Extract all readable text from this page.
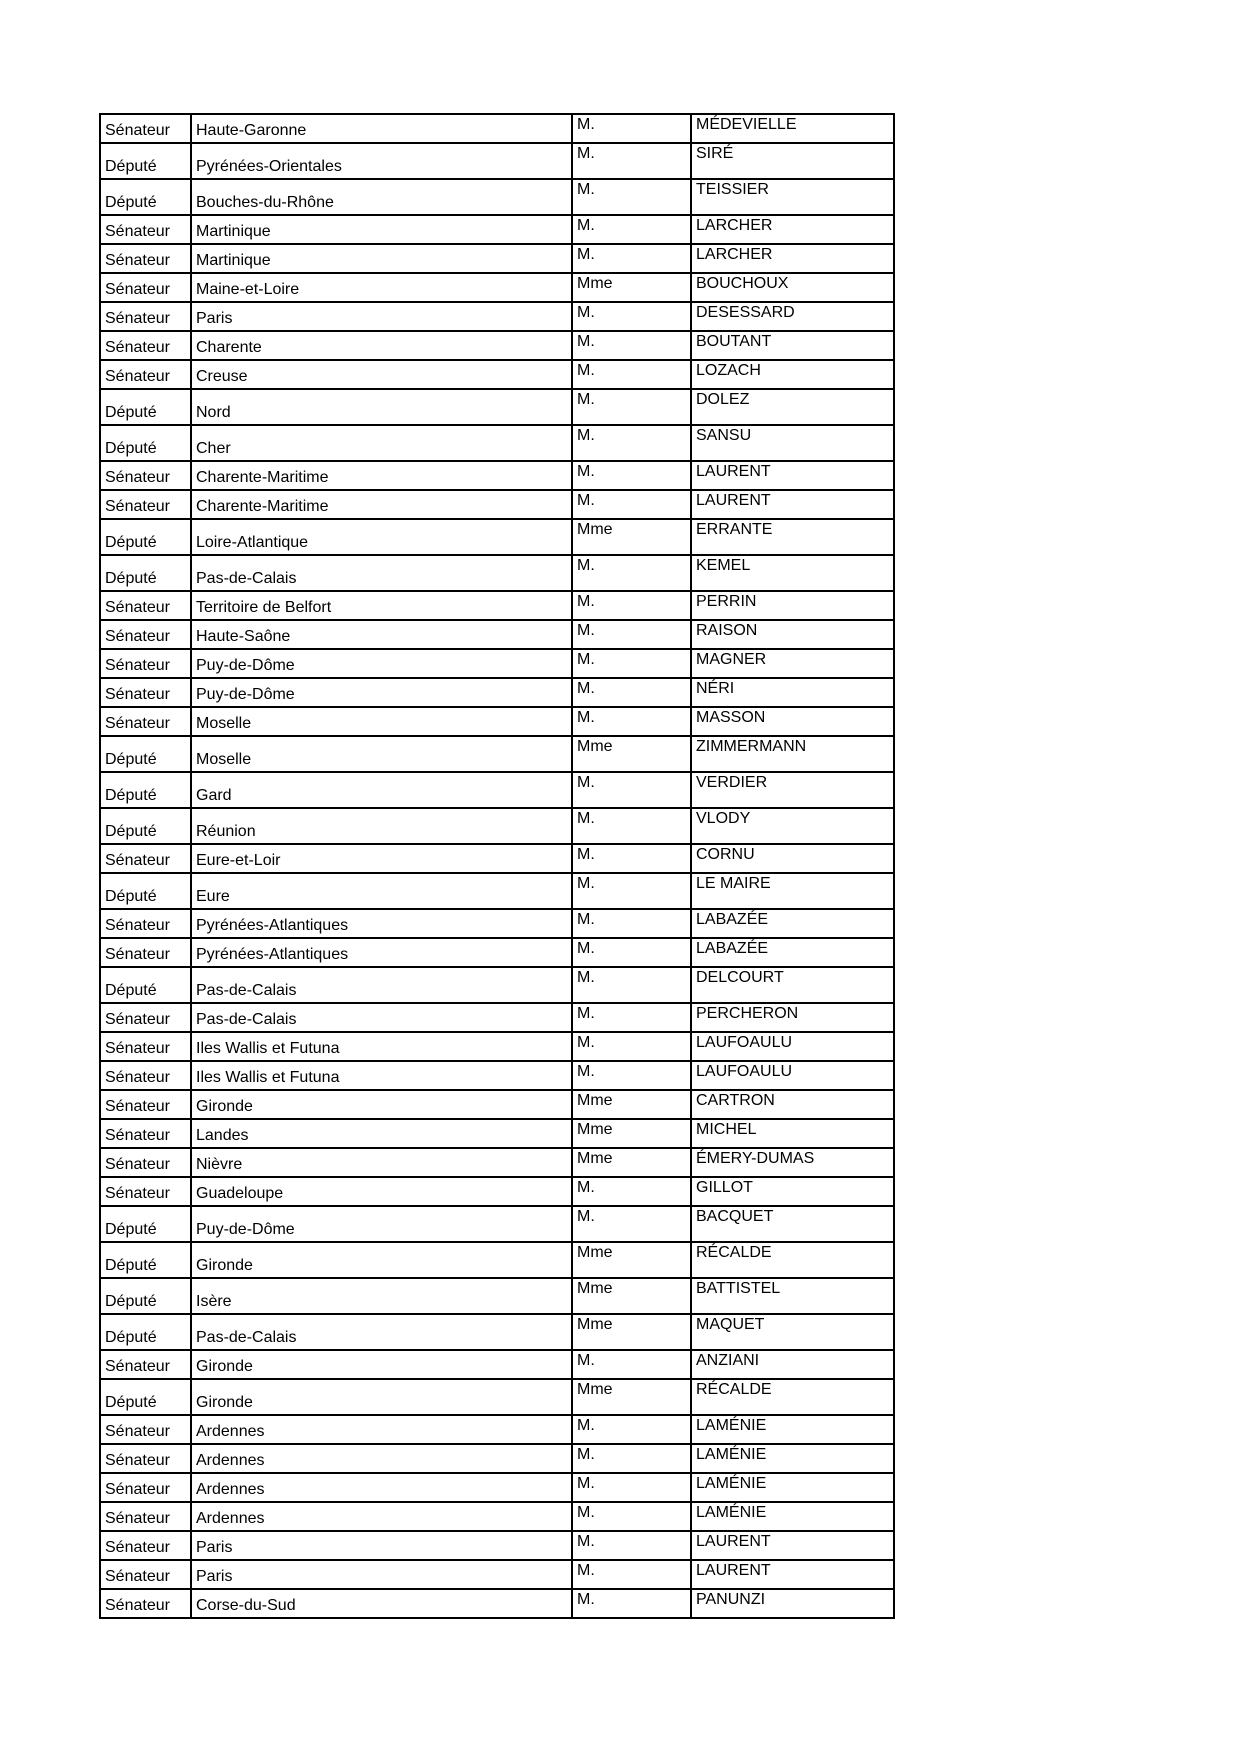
Sénateur	Haute-Garonne	M.	MÉDEVIELLE
Député	Pyrénées-Orientales	M.	SIRÉ
Député	Bouches-du-Rhône	M.	TEISSIER
Sénateur	Martinique	M.	LARCHER
Sénateur	Martinique	M.	LARCHER
Sénateur	Maine-et-Loire	Mme	BOUCHOUX
Sénateur	Paris	M.	DESESSARD
Sénateur	Charente	M.	BOUTANT
Sénateur	Creuse	M.	LOZACH
Député	Nord	M.	DOLEZ
Député	Cher	M.	SANSU
Sénateur	Charente-Maritime	M.	LAURENT
Sénateur	Charente-Maritime	M.	LAURENT
Député	Loire-Atlantique	Mme	ERRANTE
Député	Pas-de-Calais	M.	KEMEL
Sénateur	Territoire de Belfort	M.	PERRIN
Sénateur	Haute-Saône	M.	RAISON
Sénateur	Puy-de-Dôme	M.	MAGNER
Sénateur	Puy-de-Dôme	M.	NÉRI
Sénateur	Moselle	M.	MASSON
Député	Moselle	Mme	ZIMMERMANN
Député	Gard	M.	VERDIER
Député	Réunion	M.	VLODY
Sénateur	Eure-et-Loir	M.	CORNU
Député	Eure	M.	LE MAIRE
Sénateur	Pyrénées-Atlantiques	M.	LABAZÉE
Sénateur	Pyrénées-Atlantiques	M.	LABAZÉE
Député	Pas-de-Calais	M.	DELCOURT
Sénateur	Pas-de-Calais	M.	PERCHERON
Sénateur	Iles Wallis et Futuna	M.	LAUFOAULU
Sénateur	Iles Wallis et Futuna	M.	LAUFOAULU
Sénateur	Gironde	Mme	CARTRON
Sénateur	Landes	Mme	MICHEL
Sénateur	Nièvre	Mme	ÉMERY-DUMAS
Sénateur	Guadeloupe	M.	GILLOT
Député	Puy-de-Dôme	M.	BACQUET
Député	Gironde	Mme	RÉCALDE
Député	Isère	Mme	BATTISTEL
Député	Pas-de-Calais	Mme	MAQUET
Sénateur	Gironde	M.	ANZIANI
Député	Gironde	Mme	RÉCALDE
Sénateur	Ardennes	M.	LAMÉNIE
Sénateur	Ardennes	M.	LAMÉNIE
Sénateur	Ardennes	M.	LAMÉNIE
Sénateur	Ardennes	M.	LAMÉNIE
Sénateur	Paris	M.	LAURENT
Sénateur	Paris	M.	LAURENT
Sénateur	Corse-du-Sud	M.	PANUNZI
